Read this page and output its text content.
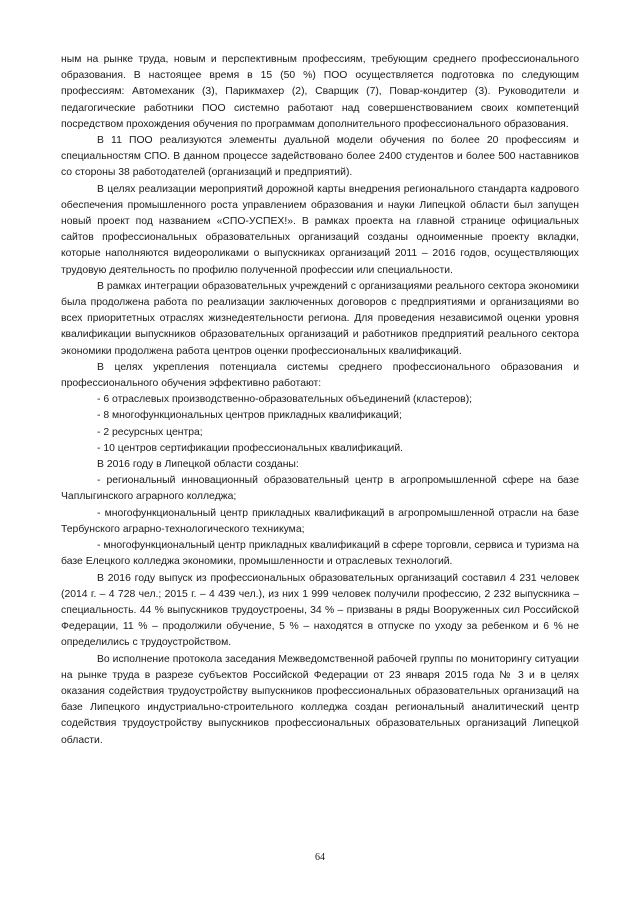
ным на рынке труда, новым и перспективным профессиям, требующим среднего профессионального образования. В настоящее время в 15 (50 %) ПОО осуществляется подготовка по следующим профессиям: Автомеханик (3), Парикмахер (2), Сварщик (7), Повар-кондитер (3). Руководители и педагогические работники ПОО системно работают над совершенствованием своих компетенций посредством прохождения обучения по программам дополнительного профессионального образования.

В 11 ПОО реализуются элементы дуальной модели обучения по более 20 профессиям и специальностям СПО. В данном процессе задействовано более 2400 студентов и более 500 наставников со стороны 38 работодателей (организаций и предприятий).

В целях реализации мероприятий дорожной карты внедрения регионального стандарта кадрового обеспечения промышленного роста управлением образования и науки Липецкой области был запущен новый проект под названием «СПО-УСПЕХ!». В рамках проекта на главной странице официальных сайтов профессиональных образовательных организаций созданы одноименные проекту вкладки, которые наполняются видеороликами о выпускниках организаций 2011 – 2016 годов, осуществляющих трудовую деятельность по профилю полученной профессии или специальности.

В рамках интеграции образовательных учреждений с организациями реального сектора экономики была продолжена работа по реализации заключенных договоров с предприятиями и организациями во всех приоритетных отраслях жизнедеятельности региона. Для проведения независимой оценки уровня квалификации выпускников образовательных организаций и работников предприятий реального сектора экономики продолжена работа центров оценки профессиональных квалификаций.

В целях укрепления потенциала системы среднего профессионального образования и профессионального обучения эффективно работают:

- 6 отраслевых производственно-образовательных объединений (кластеров);

- 8 многофункциональных центров прикладных квалификаций;

- 2 ресурсных центра;

- 10 центров сертификации профессиональных квалификаций.

В 2016 году в Липецкой области созданы:

- региональный инновационный образовательный центр в агропромышленной сфере на базе Чаплыгинского аграрного колледжа;

- многофункциональный центр прикладных квалификаций в агропромышленной отрасли на базе Тербунского аграрно-технологического техникума;

- многофункциональный центр прикладных квалификаций в сфере торговли, сервиса и туризма на базе Елецкого колледжа экономики, промышленности и отраслевых технологий.

В 2016 году выпуск из профессиональных образовательных организаций составил 4 231 человек (2014 г. – 4 728 чел.; 2015 г. – 4 439 чел.), из них 1 999 человек получили профессию, 2 232 выпускника – специальность. 44 % выпускников трудоустроены, 34 % – призваны в ряды Вооруженных сил Российской Федерации, 11 % – продолжили обучение, 5 % – находятся в отпуске по уходу за ребенком и 6 % не определились с трудоустройством.

Во исполнение протокола заседания Межведомственной рабочей группы по мониторингу ситуации на рынке труда в разрезе субъектов Российской Федерации от 23 января 2015 года № 3 и в целях оказания содействия трудоустройству выпускников профессиональных образовательных организаций на базе Липецкого индустриально-строительного колледжа создан региональный аналитический центр содействия трудоустройству выпускников профессиональных образовательных организаций Липецкой области.

64
